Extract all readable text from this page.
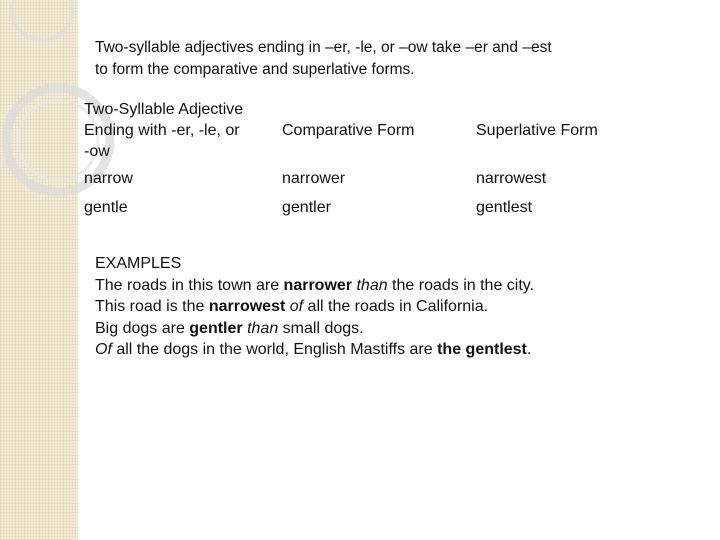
Two-syllable adjectives ending in –er, -le, or –ow take –er and –est
to form the comparative and superlative forms.
Two-Syllable Adjective
Ending with -er, -le, or
-ow	Comparative Form	Superlative Form
narrow	narrower	narrowest
gentle	gentler	gentlest
EXAMPLES
The roads in this town are narrower than the roads in the city.
This road is the narrowest of all the roads in California.
Big dogs are gentler than small dogs.
Of all the dogs in the world, English Mastiffs are the gentlest.
